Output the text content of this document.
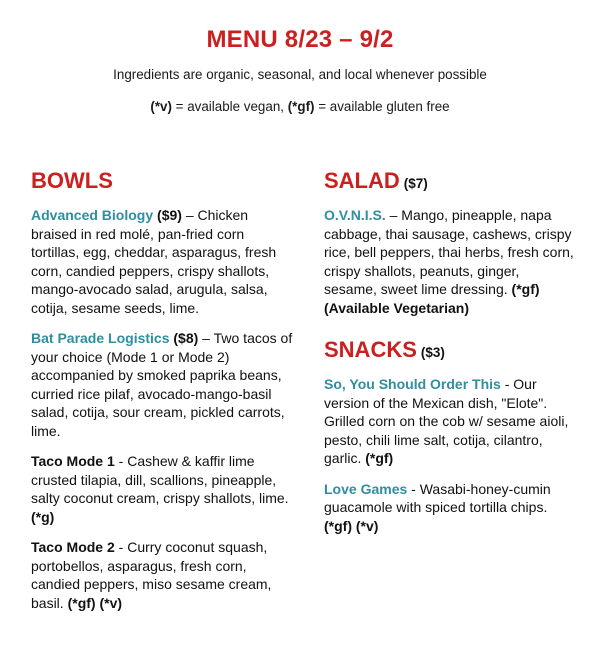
MENU 8/23 – 9/2
Ingredients are organic, seasonal, and local whenever possible
(*v) = available vegan, (*gf) = available gluten free
BOWLS
Advanced Biology ($9) – Chicken braised in red molé, pan-fried corn tortillas, egg, cheddar, asparagus, fresh corn, candied peppers, crispy shallots, mango-avocado salad, arugula, salsa, cotija, sesame seeds, lime.
Bat Parade Logistics ($8) – Two tacos of your choice (Mode 1 or Mode 2) accompanied by smoked paprika beans, curried rice pilaf, avocado-mango-basil salad, cotija, sour cream, pickled carrots, lime.
Taco Mode 1 - Cashew & kaffir lime crusted tilapia, dill, scallions, pineapple, salty coconut cream, crispy shallots, lime. (*g)
Taco Mode 2 - Curry coconut squash, portobellos, asparagus, fresh corn, candied peppers, miso sesame cream, basil. (*gf) (*v)
SALAD ($7)
O.V.N.I.S. – Mango, pineapple, napa cabbage, thai sausage, cashews, crispy rice, bell peppers, thai herbs, fresh corn, crispy shallots, peanuts, ginger, sesame, sweet lime dressing. (*gf) (Available Vegetarian)
SNACKS ($3)
So, You Should Order This - Our version of the Mexican dish, "Elote". Grilled corn on the cob w/ sesame aioli, pesto, chili lime salt, cotija, cilantro, garlic. (*gf)
Love Games - Wasabi-honey-cumin guacamole with spiced tortilla chips. (*gf) (*v)
